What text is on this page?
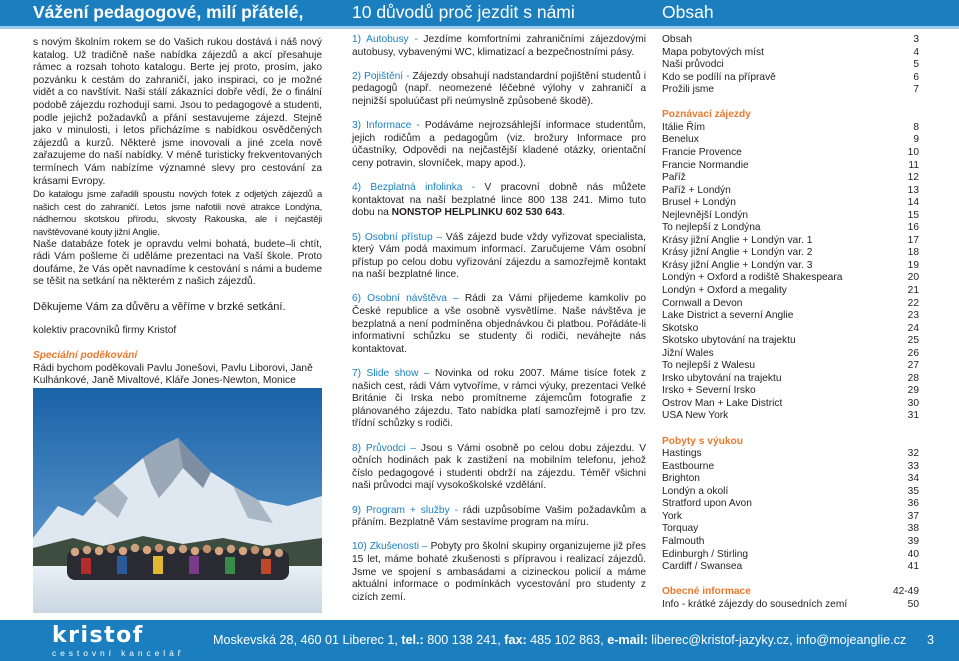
Vážení pedagogové, milí přátelé,	10 důvodů proč jezdit s námi	Obsah

s novým školním rokem se do Vašich rukou dostává i náš nový katalog. Už tradičně naše nabídka zájezdů a akcí přesahuje rámec a rozsah tohoto katalogu. Berte jej proto, prosím, jako pozvánku k cestám do zahraničí, jako inspiraci, co je možné vidět a co navštívit. Naši stálí zákazníci dobře vědí, že o finální podobě zájezdu rozhodují sami. Jsou to pedagogové a studenti, podle jejichž požadavků a přání sestavujeme zájezd. Stejně jako v minulosti, i letos přicházíme s nabídkou osvědčených zájezdů a kurzů. Některé jsme inovovali a jiné zcela nově zařazujeme do naší nabídky. V méně turisticky frekventovaných termínech Vám nabízíme významné slevy pro cestování za krásami Evropy.

Do katalogu jsme zařadili spoustu nových fotek z odjetých zájezdů a našich cest do zahraničí. Letos jsme nafotili nové atrakce Londýna, nádhernou skotskou přírodu, skvosty Rakouska, ale i nejčastěji navštěvované kouty jižní Anglie.

Naše databáze fotek je opravdu velmi bohatá, budete–li chtít, rádi Vám pošleme či uděláme prezentaci na Vaší škole. Proto doufáme, že Vás opět navnadíme k cestování s námi a budeme se těšit na setkání na některém z našich zájezdů.

Děkujeme Vám za důvěru a věříme v brzké setkání.

kolektiv pracovníků firmy Kristof

Speciální poděkování

Rádi bychom poděkovali Pavlu Jonešovi, Pavlu Liborovi, Janě Kulhánkové, Janě Mivaltové, Kláře Jones-Newton, Monice

1) Autobusy - Jezdíme komfortními zahraničními zájezdovými autobusy, vybavenými WC, klimatizací a bezpečnostními pásy.

2) Pojištění - Zájezdy obsahují nadstandardní pojištění studentů i pedagogů (např. neomezené léčebné výlohy v zahraničí a nejnižší spoluúčast při neúmyslně způsobené škodě).

3) Informace - Podáváme nejrozsáhlejší informace studentům, jejich rodičům a pedagogům (viz. brožury Informace pro účastníky, Odpovědi na nejčastější kladené otázky, orientační ceny potravin, slovníček, mapy apod.).

4) Bezplatná infolinka - V pracovní dobně nás můžete kontaktovat na naší bezplatné lince 800 138 241. Mimo tuto dobu na NONSTOP HELPLINKU 602 530 643.

5) Osobní přístup – Váš zájezd bude vždy vyřizovat specialista, který Vám podá maximum informací. Zaručujeme Vám osobní přístup po celou dobu vyřizování zájezdu a samozřejmě kontakt na naší bezplatné lince.

6) Osobní návštěva – Rádi za Vámi přijedeme kamkoliv po České republice a vše osobně vysvětlíme. Naše návštěva je bezplatná a není podmíněna objednávkou či platbou. Pořádáte-li informativní schůzku se studenty či rodiči, neváhejte nás kontaktovat.

7) Slide show – Novinka od roku 2007. Máme tisíce fotek z našich cest, rádi Vám vytvoříme, v rámci výuky, prezentaci Velké Británie či Irska nebo promítneme zájemcům fotografie z plánovaného zájezdu. Tato nabídka platí samozřejmě i pro tzv. třídní schůzky s rodiči.

8) Průvodci – Jsou s Vámi osobně po celou dobu zájezdu. V očních hodinách pak k zastižení na mobilním telefonu, jehož číslo pedagogové i studenti obdrží na zájezdu. Téměř všichni naši průvodci mají vysokoškolské vzdělání.

9) Program + služby - rádi uzpůsobíme Vašim požadavkům a přáním. Bezplatně Vám sestavíme program na míru.

10) Zkušenosti – Pobyty pro školní skupiny organizujeme již přes 15 let, máme bohaté zkušenosti s přípravou i realizací zájezdů. Jsme ve spojení s ambasádami a cizineckou policií a máme aktuální informace o podmínkách vycestování pro studenty z cizích zemí.

Obsah	3
Mapa pobytových míst	4
Naši průvodci	5
Kdo se podílí na přípravě	6
Prožili jsme	7
Poznávací zájezdy
Itálie Řím	8
Benelux	9
Francie Provence	10
Francie Normandie	11
Paříž	12
Paříž + Londýn	13
Brusel + Londýn	14
Nejlevnější Londýn	15
To nejlepší z Londýna	16
Krásy jižní Anglie + Londýn var. 1	17
Krásy jižní Anglie + Londýn var. 2	18
Krásy jižní Anglie + Londýn var. 3	19
Londýn + Oxford a rodiště Shakespeara	20
Londýn + Oxford a megality	21
Cornwall a Devon	22
Lake District a severní Anglie	23
Skotsko	24
Skotsko ubytování na trajektu	25
Jižní Wales	26
To nejlepší z Walesu	27
Irsko ubytování na trajektu	28
Irsko + Severní Irsko	29
Ostrov Man + Lake District	30
USA New York	31
Pobyty s výukou
Hastings	32
Eastbourne	33
Brighton	34
Londýn a okolí	35
Stratford upon Avon	36
York	37
Torquay	38
Falmouth	39
Edinburgh / Stirling	40
Cardiff / Swansea	41
Obecné informace	42-49
Info - krátké zájezdy do sousedních zemí	50
kristof
cestovní kancelář
Moskevská 28, 460 01 Liberec 1, tel.: 800 138 241, fax: 485 102 863, e-mail: liberec@kristof-jazyky.cz, info@mojeanglie.cz 3
